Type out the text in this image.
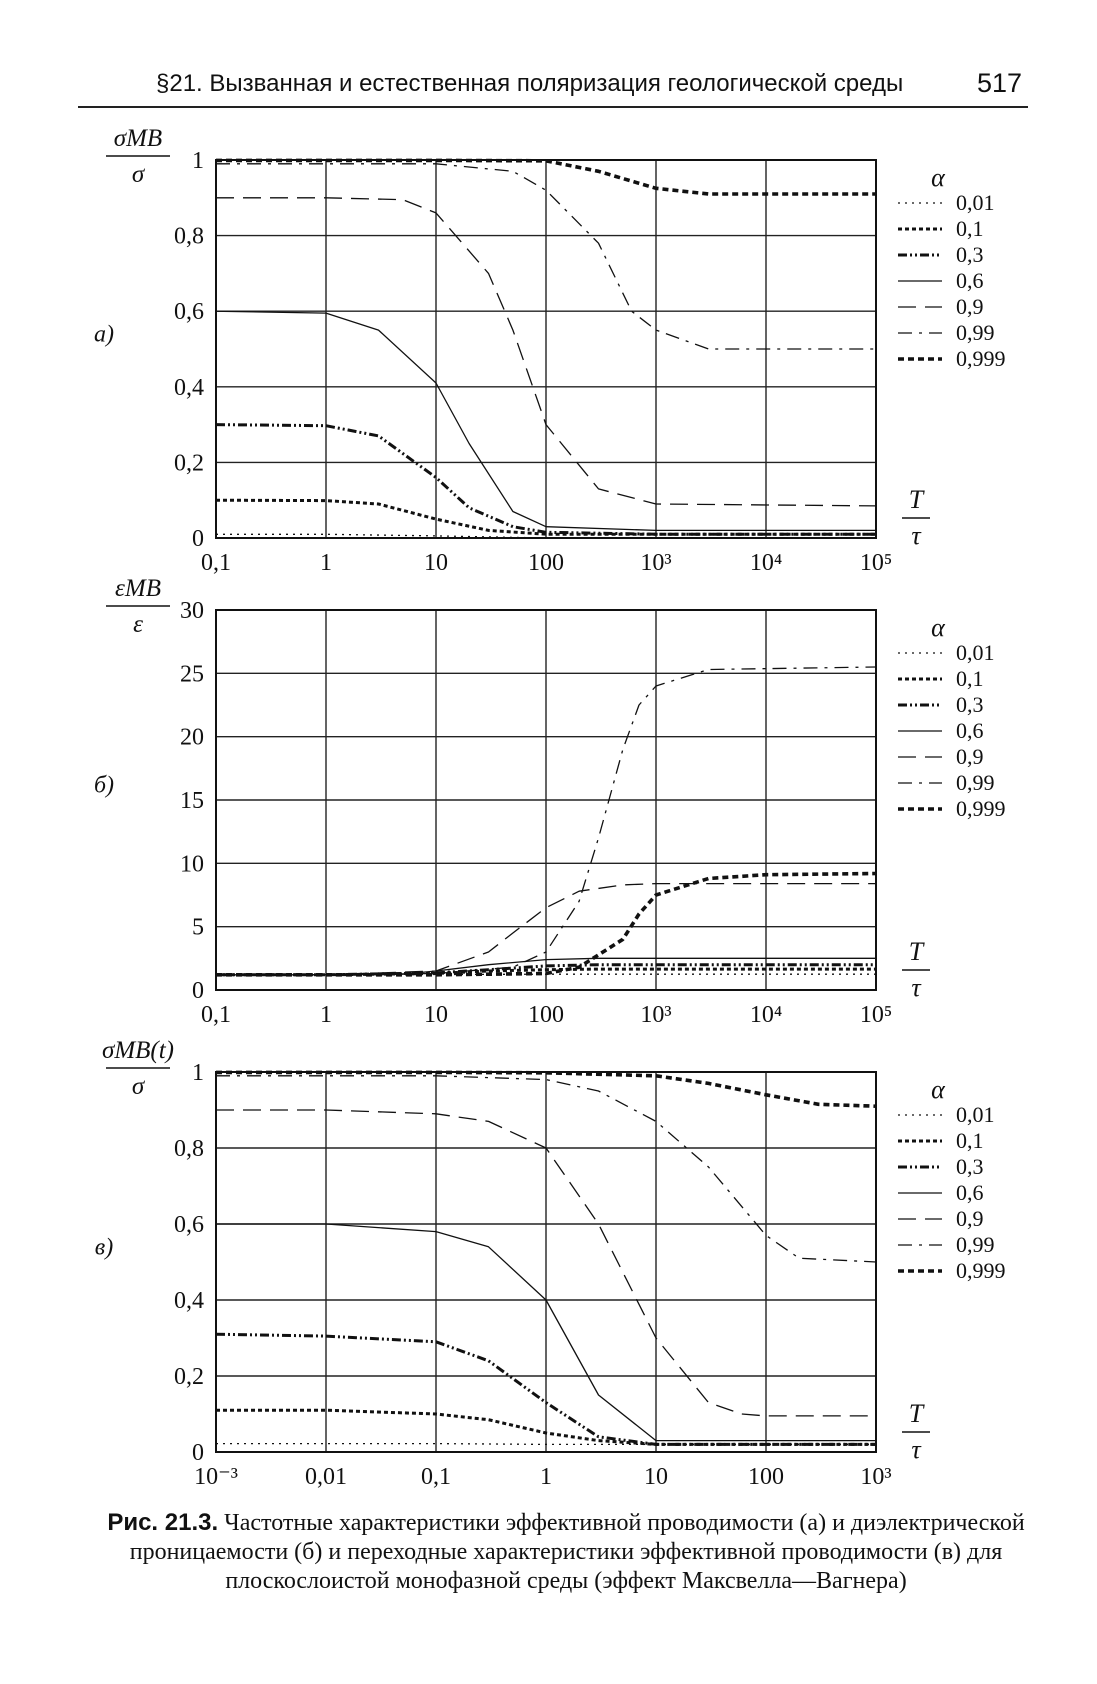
§21. Вызванная и естественная поляризация геологической среды	517
0,1	1	10	100	10³	10⁴	10⁵
0
0,2
0,4
0,6
0,8
1
σМВ
σ
а)
T
τ
α
0,01
0,1
0,3
0,6
0,9
0,99
0,999
0,1	1	10	100	10³	10⁴	10⁵
0
5
10
15
20
25
30
εМВ
ε
б)
T
τ
α
0,01
0,1
0,3
0,6
0,9
0,99
0,999
10⁻³	0,01	0,1	1	10	100	10³
0
0,2
0,4
0,6
0,8
1
σМВ(t)
σ
в)
T
τ
α
0,01
0,1
0,3
0,6
0,9
0,99
0,999
Рис. 21.3. Частотные характеристики эффективной проводимости (а) и диэлектрической проницаемости (б) и переходные характеристики эффективной проводимости (в) для плоскослоистой монофазной среды (эффект Максвелла—Вагнера)
